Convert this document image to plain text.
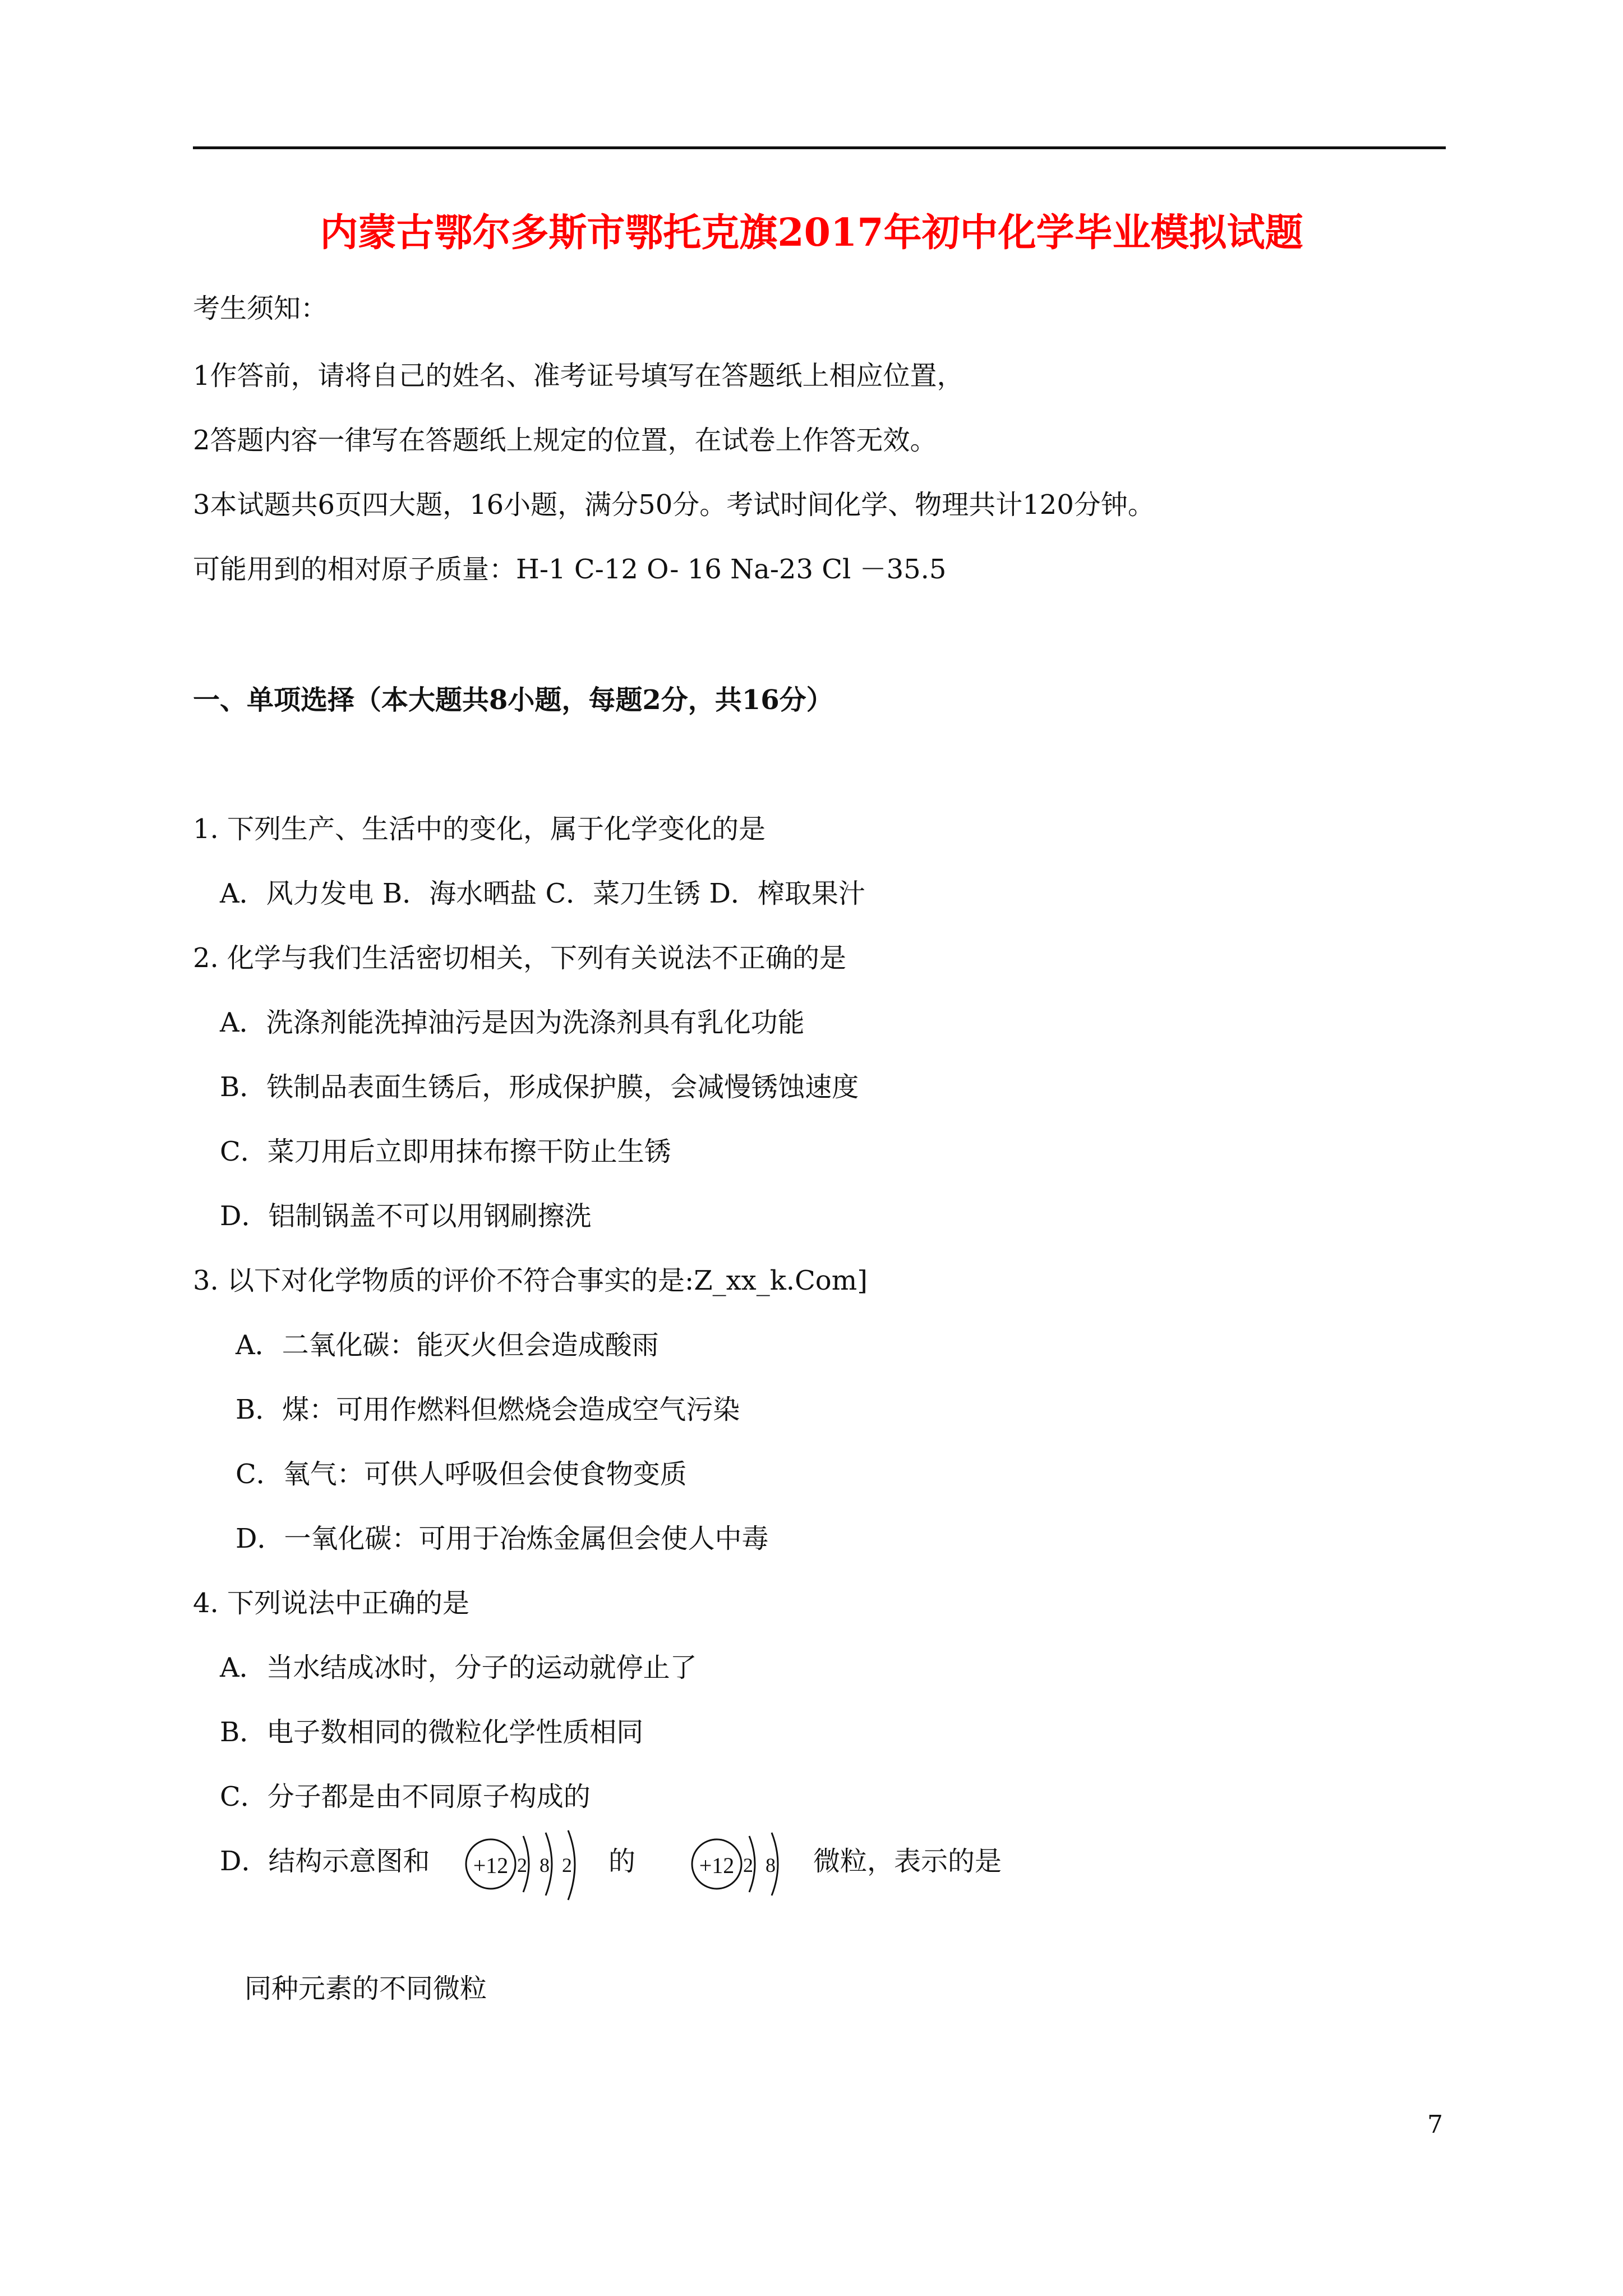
内蒙古鄂尔多斯市鄂托克旗2017年初中化学毕业模拟试题
考生须知：
1作答前，请将自己的姓名、准考证号填写在答题纸上相应位置，
2答题内容一律写在答题纸上规定的位置，在试卷上作答无效。
3本试题共6页四大题，16小题，满分50分。考试时间化学、物理共计120分钟。
可能用到的相对原子质量：H-1 C-12 O- 16 Na-23 Cl －35.5
一、单项选择（本大题共8小题，每题2分，共16分）
1. 下列生产、生活中的变化，属于化学变化的是
A．风力发电 B．海水晒盐 C．菜刀生锈 D．榨取果汁
2. 化学与我们生活密切相关，下列有关说法不正确的是
A．洗涤剂能洗掉油污是因为洗涤剂具有乳化功能
B．铁制品表面生锈后，形成保护膜，会减慢锈蚀速度
C．菜刀用后立即用抹布擦干防止生锈
D．铝制锅盖不可以用钢刷擦洗
3. 以下对化学物质的评价不符合事实的是:Z_xx_k.Com]
A．二氧化碳：能灭火但会造成酸雨
B．煤：可用作燃料但燃烧会造成空气污染
C．氧气：可供人呼吸但会使食物变质
D．一氧化碳：可用于冶炼金属但会使人中毒
4. 下列说法中正确的是
A．当水结成冰时，分子的运动就停止了
B．电子数相同的微粒化学性质相同
C．分子都是由不同原子构成的
D．结构示意图和 +12 2 8 2 的	+12 2 8 微粒，表示的是
同种元素的不同微粒
7
